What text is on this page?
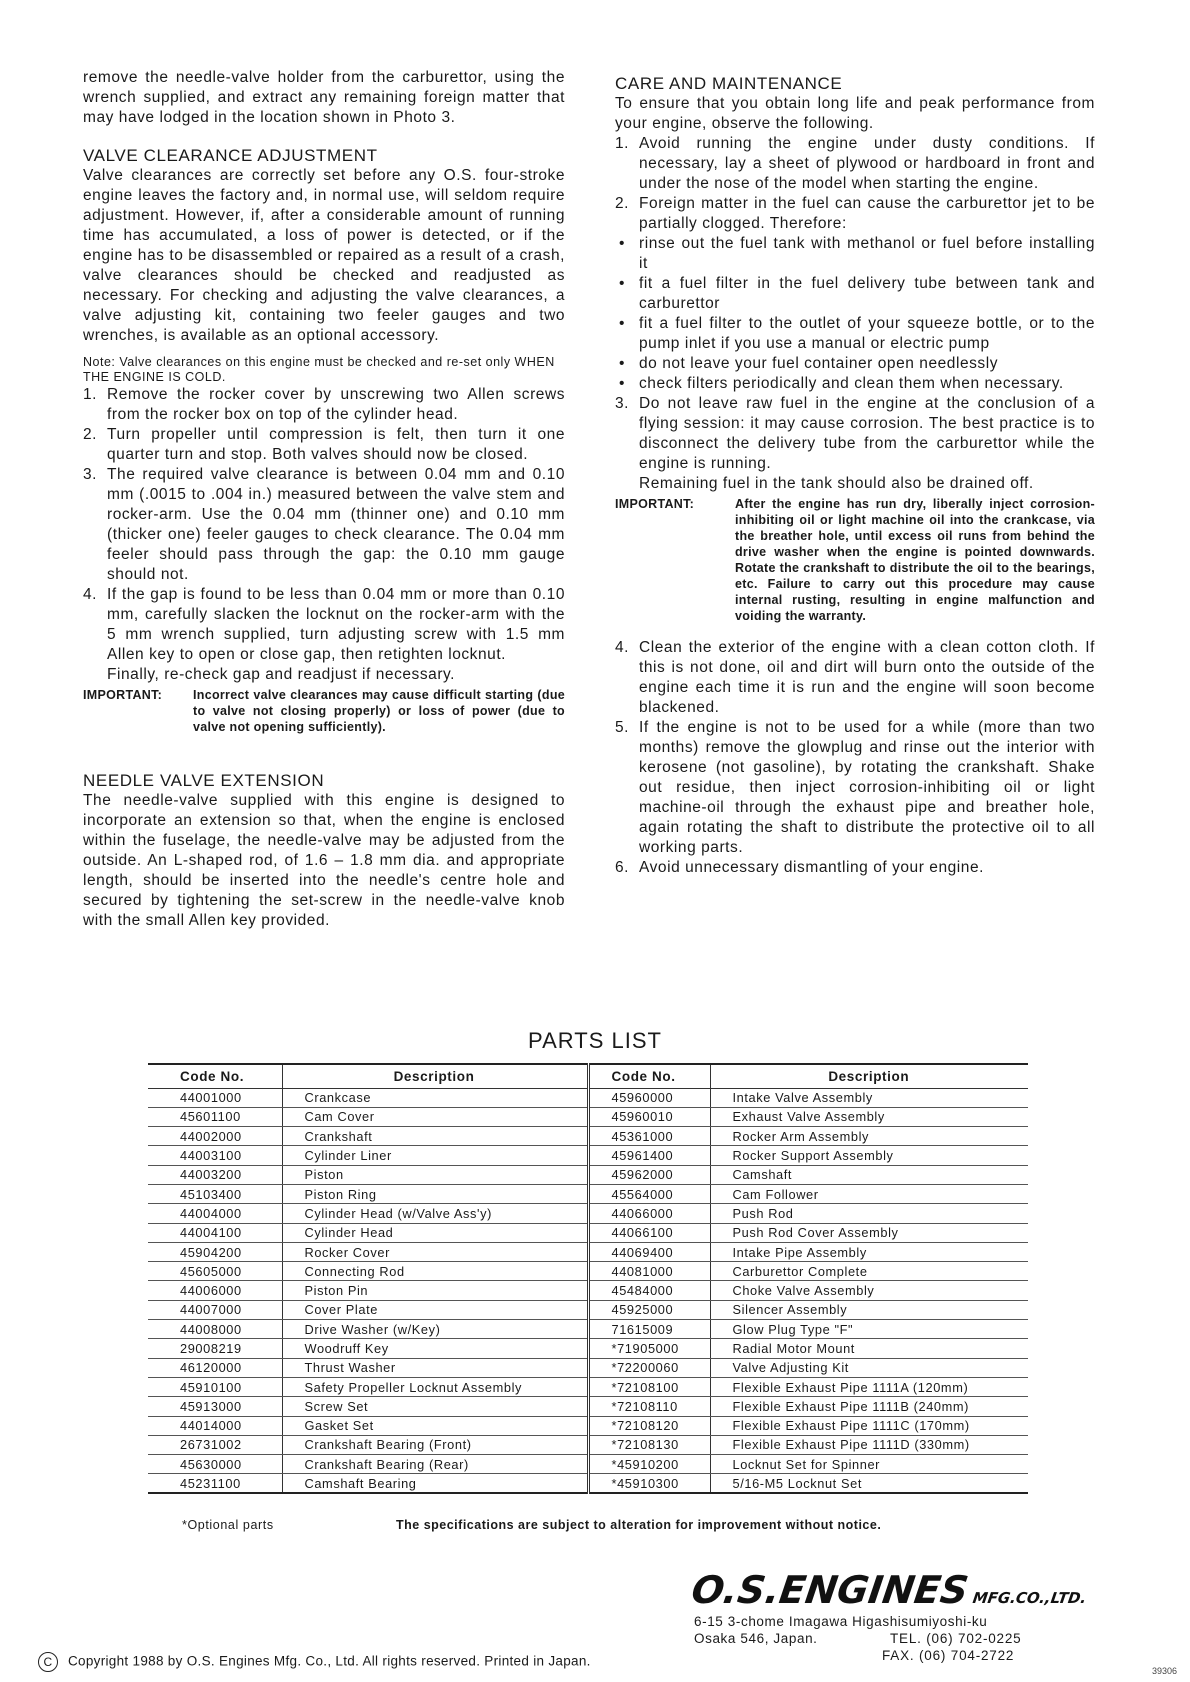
remove the needle-valve holder from the carburettor, using the wrench supplied, and extract any remaining foreign matter that may have lodged in the location shown in Photo 3.

VALVE CLEARANCE ADJUSTMENT

Valve clearances are correctly set before any O.S. four-stroke engine leaves the factory and, in normal use, will seldom require adjustment. However, if, after a considerable amount of running time has accumulated, a loss of power is detected, or if the engine has to be disassembled or repaired as a result of a crash, valve clearances should be checked and readjusted as necessary. For checking and adjusting the valve clearances, a valve adjusting kit, containing two feeler gauges and two wrenches, is available as an optional accessory.

Note: Valve clearances on this engine must be checked and re-set only WHEN THE ENGINE IS COLD.

1. Remove the rocker cover by unscrewing two Allen screws from the rocker box on top of the cylinder head.
2. Turn propeller until compression is felt, then turn it one quarter turn and stop. Both valves should now be closed.
3. The required valve clearance is between 0.04 mm and 0.10 mm (.0015 to .004 in.) measured between the valve stem and rocker-arm. Use the 0.04 mm (thinner one) and 0.10 mm (thicker one) feeler gauges to check clearance. The 0.04 mm feeler should pass through the gap: the 0.10 mm gauge should not.
4. If the gap is found to be less than 0.04 mm or more than 0.10 mm, carefully slacken the locknut on the rocker-arm with the 5 mm wrench supplied, turn adjusting screw with 1.5 mm Allen key to open or close gap, then retighten locknut.

Finally, re-check gap and readjust if necessary.

IMPORTANT:	Incorrect valve clearances may cause difficult starting (due to valve not closing properly) or loss of power (due to valve not opening sufficiently).
NEEDLE VALVE EXTENSION

The needle-valve supplied with this engine is designed to incorporate an extension so that, when the engine is enclosed within the fuselage, the needle-valve may be adjusted from the outside. An L-shaped rod, of 1.6 – 1.8 mm dia. and appropriate length, should be inserted into the needle's centre hole and secured by tightening the set-screw in the needle-valve knob with the small Allen key provided.

CARE AND MAINTENANCE

To ensure that you obtain long life and peak performance from your engine, observe the following.

1. Avoid running the engine under dusty conditions. If necessary, lay a sheet of plywood or hardboard in front and under the nose of the model when starting the engine.
2. Foreign matter in the fuel can cause the carburettor jet to be partially clogged. Therefore:
• rinse out the fuel tank with methanol or fuel before installing it
• fit a fuel filter in the fuel delivery tube between tank and carburettor
• fit a fuel filter to the outlet of your squeeze bottle, or to the pump inlet if you use a manual or electric pump
• do not leave your fuel container open needlessly
• check filters periodically and clean them when necessary.
3. Do not leave raw fuel in the engine at the conclusion of a flying session: it may cause corrosion. The best practice is to disconnect the delivery tube from the carburettor while the engine is running.

Remaining fuel in the tank should also be drained off.

IMPORTANT:	After the engine has run dry, liberally inject corrosion-inhibiting oil or light machine oil into the crankcase, via the breather hole, until excess oil runs from behind the drive washer when the engine is pointed downwards. Rotate the crankshaft to distribute the oil to the bearings, etc. Failure to carry out this procedure may cause internal rusting, resulting in engine malfunction and voiding the warranty.
4. Clean the exterior of the engine with a clean cotton cloth. If this is not done, oil and dirt will burn onto the outside of the engine each time it is run and the engine will soon become blackened.
5. If the engine is not to be used for a while (more than two months) remove the glowplug and rinse out the interior with kerosene (not gasoline), by rotating the crankshaft. Shake out residue, then inject corrosion-inhibiting oil or light machine-oil through the exhaust pipe and breather hole, again rotating the shaft to distribute the protective oil to all working parts.
6. Avoid unnecessary dismantling of your engine.
PARTS LIST
Code No.	Description	Code No.	Description
44001000	Crankcase	45960000	Intake Valve Assembly
45601100	Cam Cover	45960010	Exhaust Valve Assembly
44002000	Crankshaft	45361000	Rocker Arm Assembly
44003100	Cylinder Liner	45961400	Rocker Support Assembly
44003200	Piston	45962000	Camshaft
45103400	Piston Ring	45564000	Cam Follower
44004000	Cylinder Head (w/Valve Ass'y)	44066000	Push Rod
44004100	Cylinder Head	44066100	Push Rod Cover Assembly
45904200	Rocker Cover	44069400	Intake Pipe Assembly
45605000	Connecting Rod	44081000	Carburettor Complete
44006000	Piston Pin	45484000	Choke Valve Assembly
44007000	Cover Plate	45925000	Silencer Assembly
44008000	Drive Washer (w/Key)	71615009	Glow Plug Type "F"
29008219	Woodruff Key	*71905000	Radial Motor Mount
46120000	Thrust Washer	*72200060	Valve Adjusting Kit
45910100	Safety Propeller Locknut Assembly	*72108100	Flexible Exhaust Pipe 1111A (120mm)
45913000	Screw Set	*72108110	Flexible Exhaust Pipe 1111B (240mm)
44014000	Gasket Set	*72108120	Flexible Exhaust Pipe 1111C (170mm)
26731002	Crankshaft Bearing (Front)	*72108130	Flexible Exhaust Pipe 1111D (330mm)
45630000	Crankshaft Bearing (Rear)	*45910200	Locknut Set for Spinner
45231100	Camshaft Bearing	*45910300	5/16-M5 Locknut Set
*Optional parts	The specifications are subject to alteration for improvement without notice.
O.S.ENGINESMFG.CO.,LTD.
6-15 3-chome Imagawa Higashisumiyoshi-ku
Osaka 546, Japan.	TEL. (06) 702-0225
FAX. (06) 704-2722
C Copyright 1988 by O.S. Engines Mfg. Co., Ltd. All rights reserved. Printed in Japan.
39306
